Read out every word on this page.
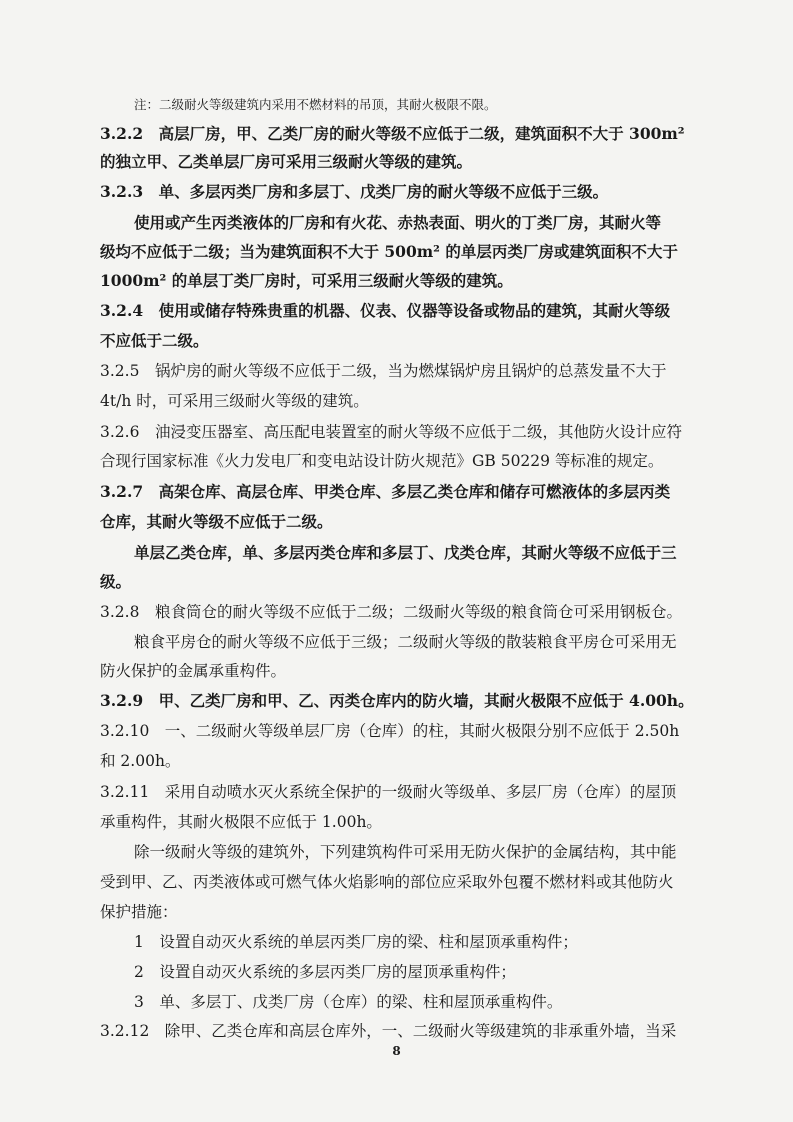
注：二级耐火等级建筑内采用不燃材料的吊顶，其耐火极限不限。
3.2.2　高层厂房，甲、乙类厂房的耐火等级不应低于二级，建筑面积不大于 300m²
的独立甲、乙类单层厂房可采用三级耐火等级的建筑。
3.2.3　单、多层丙类厂房和多层丁、戊类厂房的耐火等级不应低于三级。
使用或产生丙类液体的厂房和有火花、赤热表面、明火的丁类厂房，其耐火等
级均不应低于二级；当为建筑面积不大于 500m² 的单层丙类厂房或建筑面积不大于
1000m² 的单层丁类厂房时，可采用三级耐火等级的建筑。
3.2.4　使用或储存特殊贵重的机器、仪表、仪器等设备或物品的建筑，其耐火等级
不应低于二级。
3.2.5　锅炉房的耐火等级不应低于二级，当为燃煤锅炉房且锅炉的总蒸发量不大于
4t/h 时，可采用三级耐火等级的建筑。
3.2.6　油浸变压器室、高压配电装置室的耐火等级不应低于二级，其他防火设计应符
合现行国家标准《火力发电厂和变电站设计防火规范》GB 50229 等标准的规定。
3.2.7　高架仓库、高层仓库、甲类仓库、多层乙类仓库和储存可燃液体的多层丙类
仓库，其耐火等级不应低于二级。
单层乙类仓库，单、多层丙类仓库和多层丁、戊类仓库，其耐火等级不应低于三
级。
3.2.8　粮食筒仓的耐火等级不应低于二级；二级耐火等级的粮食筒仓可采用钢板仓。
粮食平房仓的耐火等级不应低于三级；二级耐火等级的散装粮食平房仓可采用无
防火保护的金属承重构件。
3.2.9　甲、乙类厂房和甲、乙、丙类仓库内的防火墙，其耐火极限不应低于 4.00h。
3.2.10　一、二级耐火等级单层厂房（仓库）的柱，其耐火极限分别不应低于 2.50h
和 2.00h。
3.2.11　采用自动喷水灭火系统全保护的一级耐火等级单、多层厂房（仓库）的屋顶
承重构件，其耐火极限不应低于 1.00h。
除一级耐火等级的建筑外，下列建筑构件可采用无防火保护的金属结构，其中能
受到甲、乙、丙类液体或可燃气体火焰影响的部位应采取外包覆不燃材料或其他防火
保护措施：
1　设置自动灭火系统的单层丙类厂房的梁、柱和屋顶承重构件；
2　设置自动灭火系统的多层丙类厂房的屋顶承重构件；
3　单、多层丁、戊类厂房（仓库）的梁、柱和屋顶承重构件。
3.2.12　除甲、乙类仓库和高层仓库外，一、二级耐火等级建筑的非承重外墙，当采
8
